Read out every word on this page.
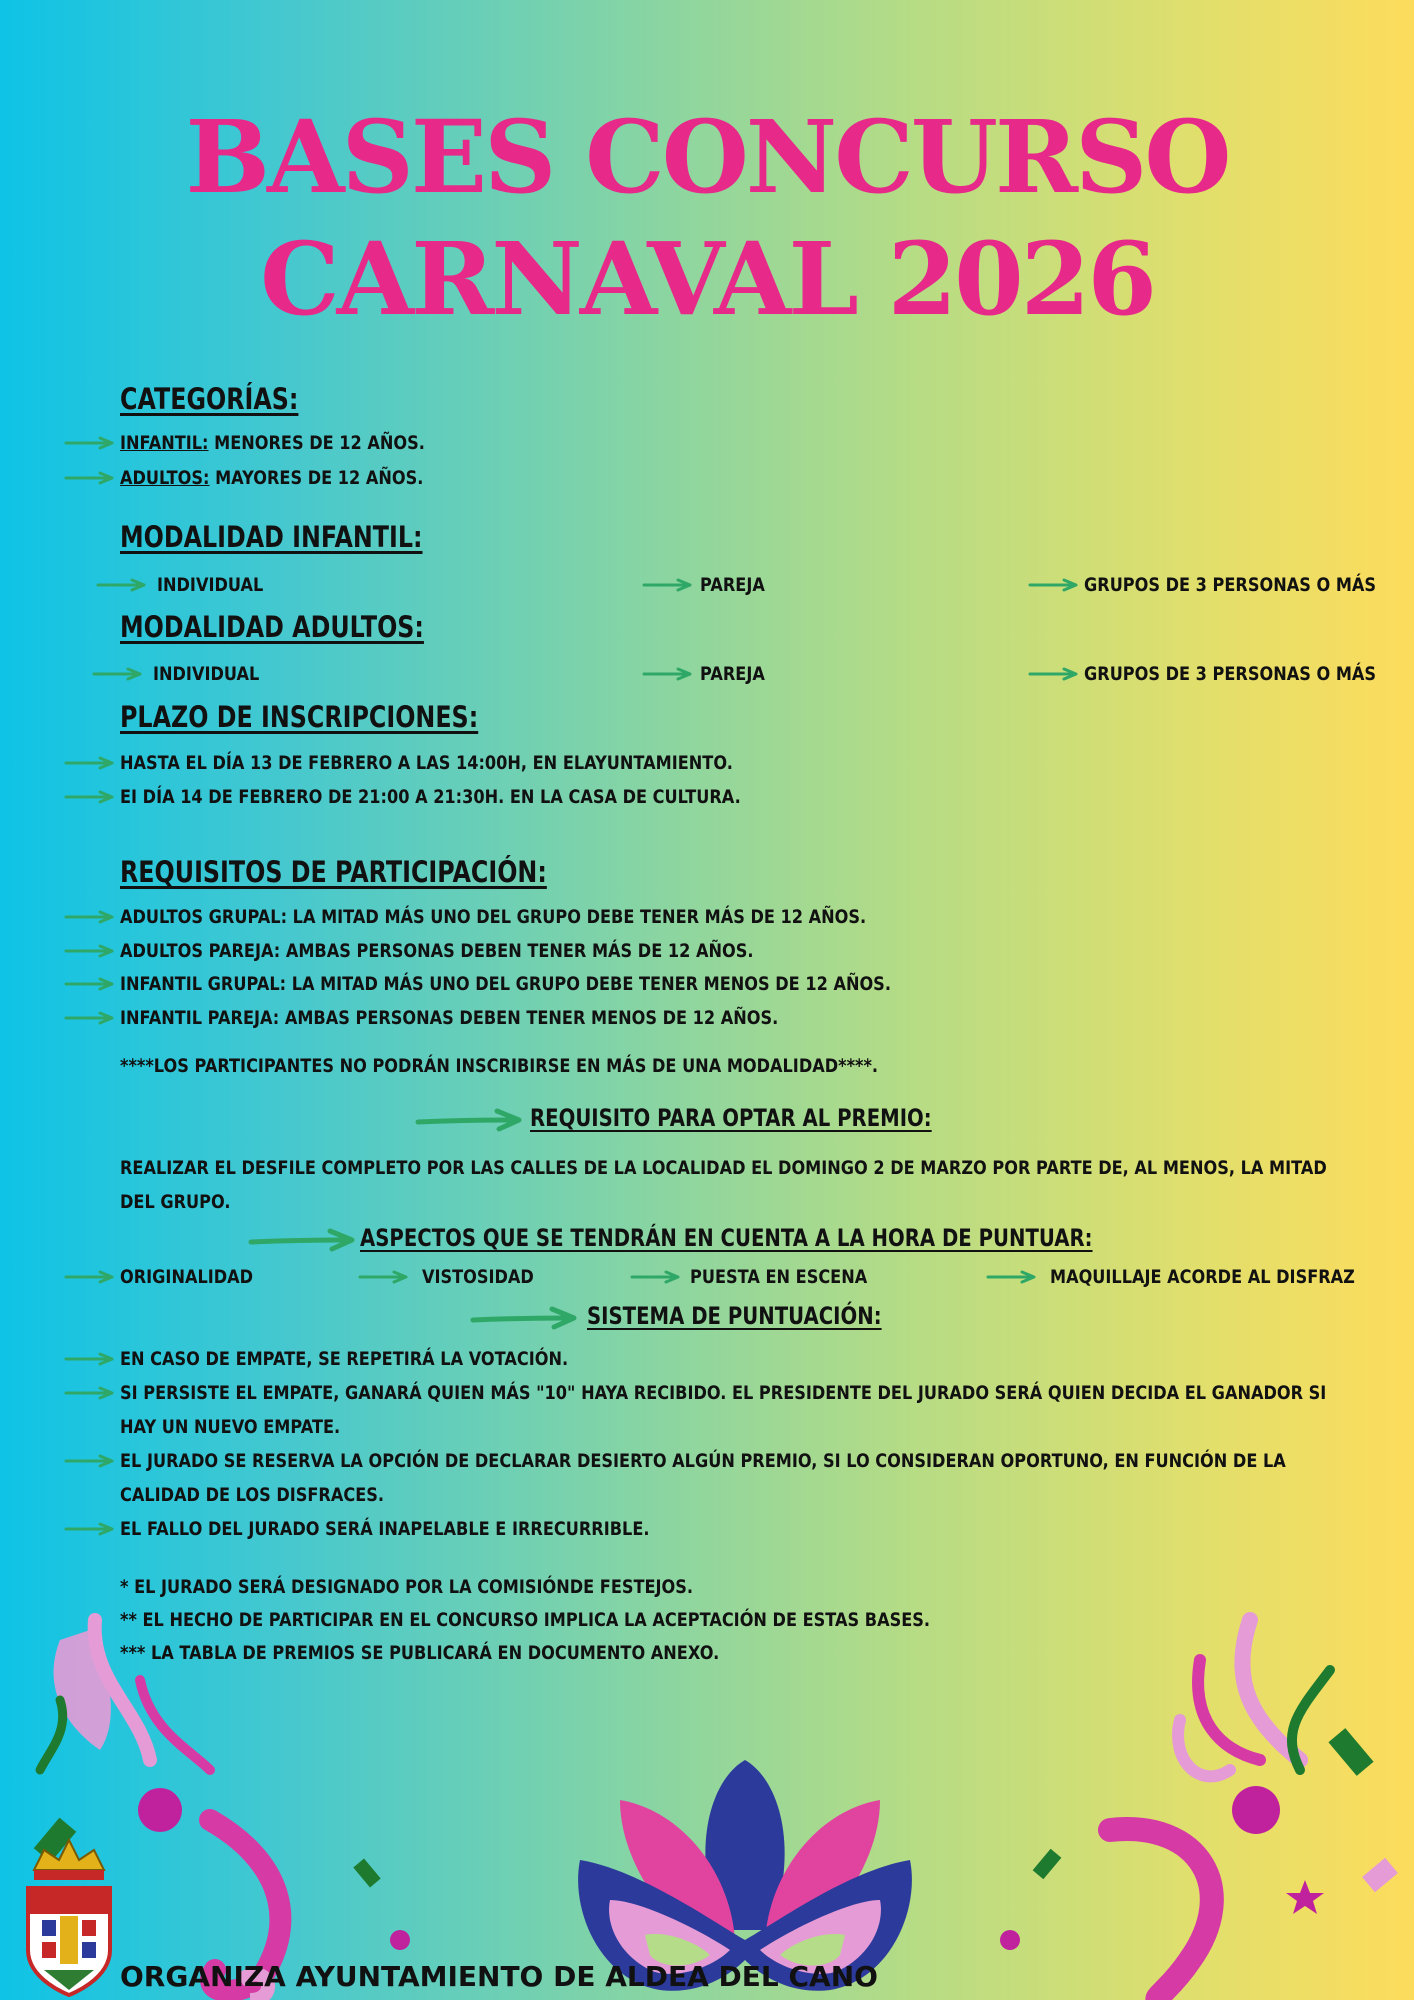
BASES CONCURSO
CARNAVAL 2026
CATEGORÍAS:
INFANTIL: MENORES DE 12 AÑOS.
ADULTOS: MAYORES DE 12 AÑOS.
MODALIDAD INFANTIL:
INDIVIDUAL	PAREJA	GRUPOS DE 3 PERSONAS O MÁS
MODALIDAD ADULTOS:
INDIVIDUAL	PAREJA	GRUPOS DE 3 PERSONAS O MÁS
PLAZO DE INSCRIPCIONES:
HASTA EL DÍA 13 DE FEBRERO A LAS 14:00H, EN ELAYUNTAMIENTO.
EI DÍA 14 DE FEBRERO DE 21:00 A 21:30H. EN LA CASA DE CULTURA.
REQUISITOS DE PARTICIPACIÓN:
ADULTOS GRUPAL: LA MITAD MÁS UNO DEL GRUPO DEBE TENER MÁS DE 12 AÑOS.
ADULTOS PAREJA: AMBAS PERSONAS DEBEN TENER MÁS DE 12 AÑOS.
INFANTIL GRUPAL: LA MITAD MÁS UNO DEL GRUPO DEBE TENER MENOS DE 12 AÑOS.
INFANTIL PAREJA: AMBAS PERSONAS DEBEN TENER MENOS DE 12 AÑOS.
****LOS PARTICIPANTES NO PODRÁN INSCRIBIRSE EN MÁS DE UNA MODALIDAD****.
REQUISITO PARA OPTAR AL PREMIO:
REALIZAR EL DESFILE COMPLETO POR LAS CALLES DE LA LOCALIDAD EL DOMINGO 2 DE MARZO POR PARTE DE, AL MENOS, LA MITAD
DEL GRUPO.
ASPECTOS QUE SE TENDRÁN EN CUENTA A LA HORA DE PUNTUAR:
ORIGINALIDAD	VISTOSIDAD	PUESTA EN ESCENA	MAQUILLAJE ACORDE AL DISFRAZ
SISTEMA DE PUNTUACIÓN:
EN CASO DE EMPATE, SE REPETIRÁ LA VOTACIÓN.
SI PERSISTE EL EMPATE, GANARÁ QUIEN MÁS "10" HAYA RECIBIDO. EL PRESIDENTE DEL JURADO SERÁ QUIEN DECIDA EL GANADOR SI
HAY UN NUEVO EMPATE.
EL JURADO SE RESERVA LA OPCIÓN DE DECLARAR DESIERTO ALGÚN PREMIO, SI LO CONSIDERAN OPORTUNO, EN FUNCIÓN DE LA
CALIDAD DE LOS DISFRACES.
EL FALLO DEL JURADO SERÁ INAPELABLE E IRRECURRIBLE.
* EL JURADO SERÁ DESIGNADO POR LA COMISIÓNDE FESTEJOS.
** EL HECHO DE PARTICIPAR EN EL CONCURSO IMPLICA LA ACEPTACIÓN DE ESTAS BASES.
*** LA TABLA DE PREMIOS SE PUBLICARÁ EN DOCUMENTO ANEXO.
ORGANIZA AYUNTAMIENTO DE ALDEA DEL CANO
